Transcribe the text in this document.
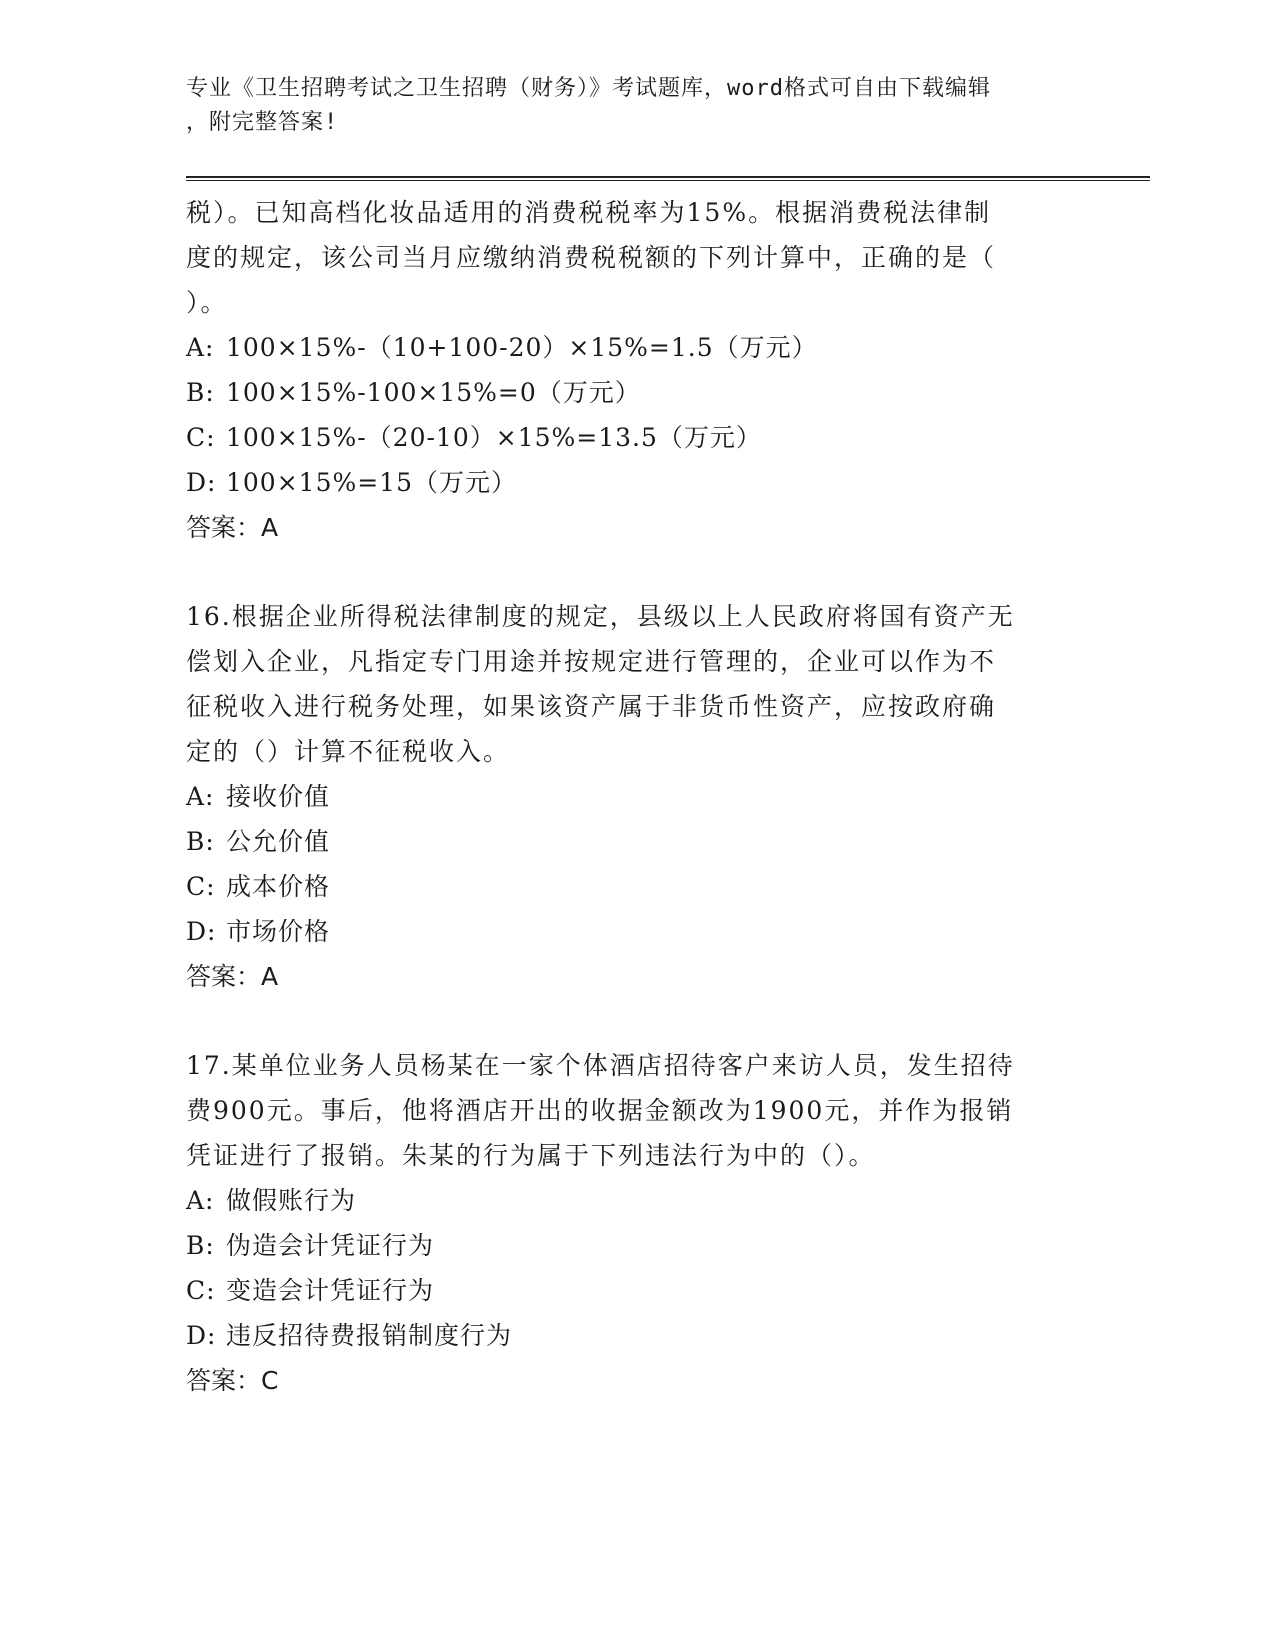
专业《卫生招聘考试之卫生招聘（财务）》考试题库，word格式可自由下载编辑
，附完整答案!
税）。已知高档化妆品适用的消费税税率为15%。根据消费税法律制
度的规定，该公司当月应缴纳消费税税额的下列计算中，正确的是（
）。
A: 100×15%-（10+100-20）×15%=1.5（万元）
B: 100×15%-100×15%=0（万元）
C: 100×15%-（20-10）×15%=13.5（万元）
D: 100×15%=15（万元）
答案：A
16.根据企业所得税法律制度的规定，县级以上人民政府将国有资产无
偿划入企业，凡指定专门用途并按规定进行管理的，企业可以作为不
征税收入进行税务处理，如果该资产属于非货币性资产，应按政府确
定的（）计算不征税收入。
A: 接收价值
B: 公允价值
C: 成本价格
D: 市场价格
答案：A
17.某单位业务人员杨某在一家个体酒店招待客户来访人员，发生招待
费900元。事后，他将酒店开出的收据金额改为1900元，并作为报销
凭证进行了报销。朱某的行为属于下列违法行为中的（）。
A: 做假账行为
B: 伪造会计凭证行为
C: 变造会计凭证行为
D: 违反招待费报销制度行为
答案：C
